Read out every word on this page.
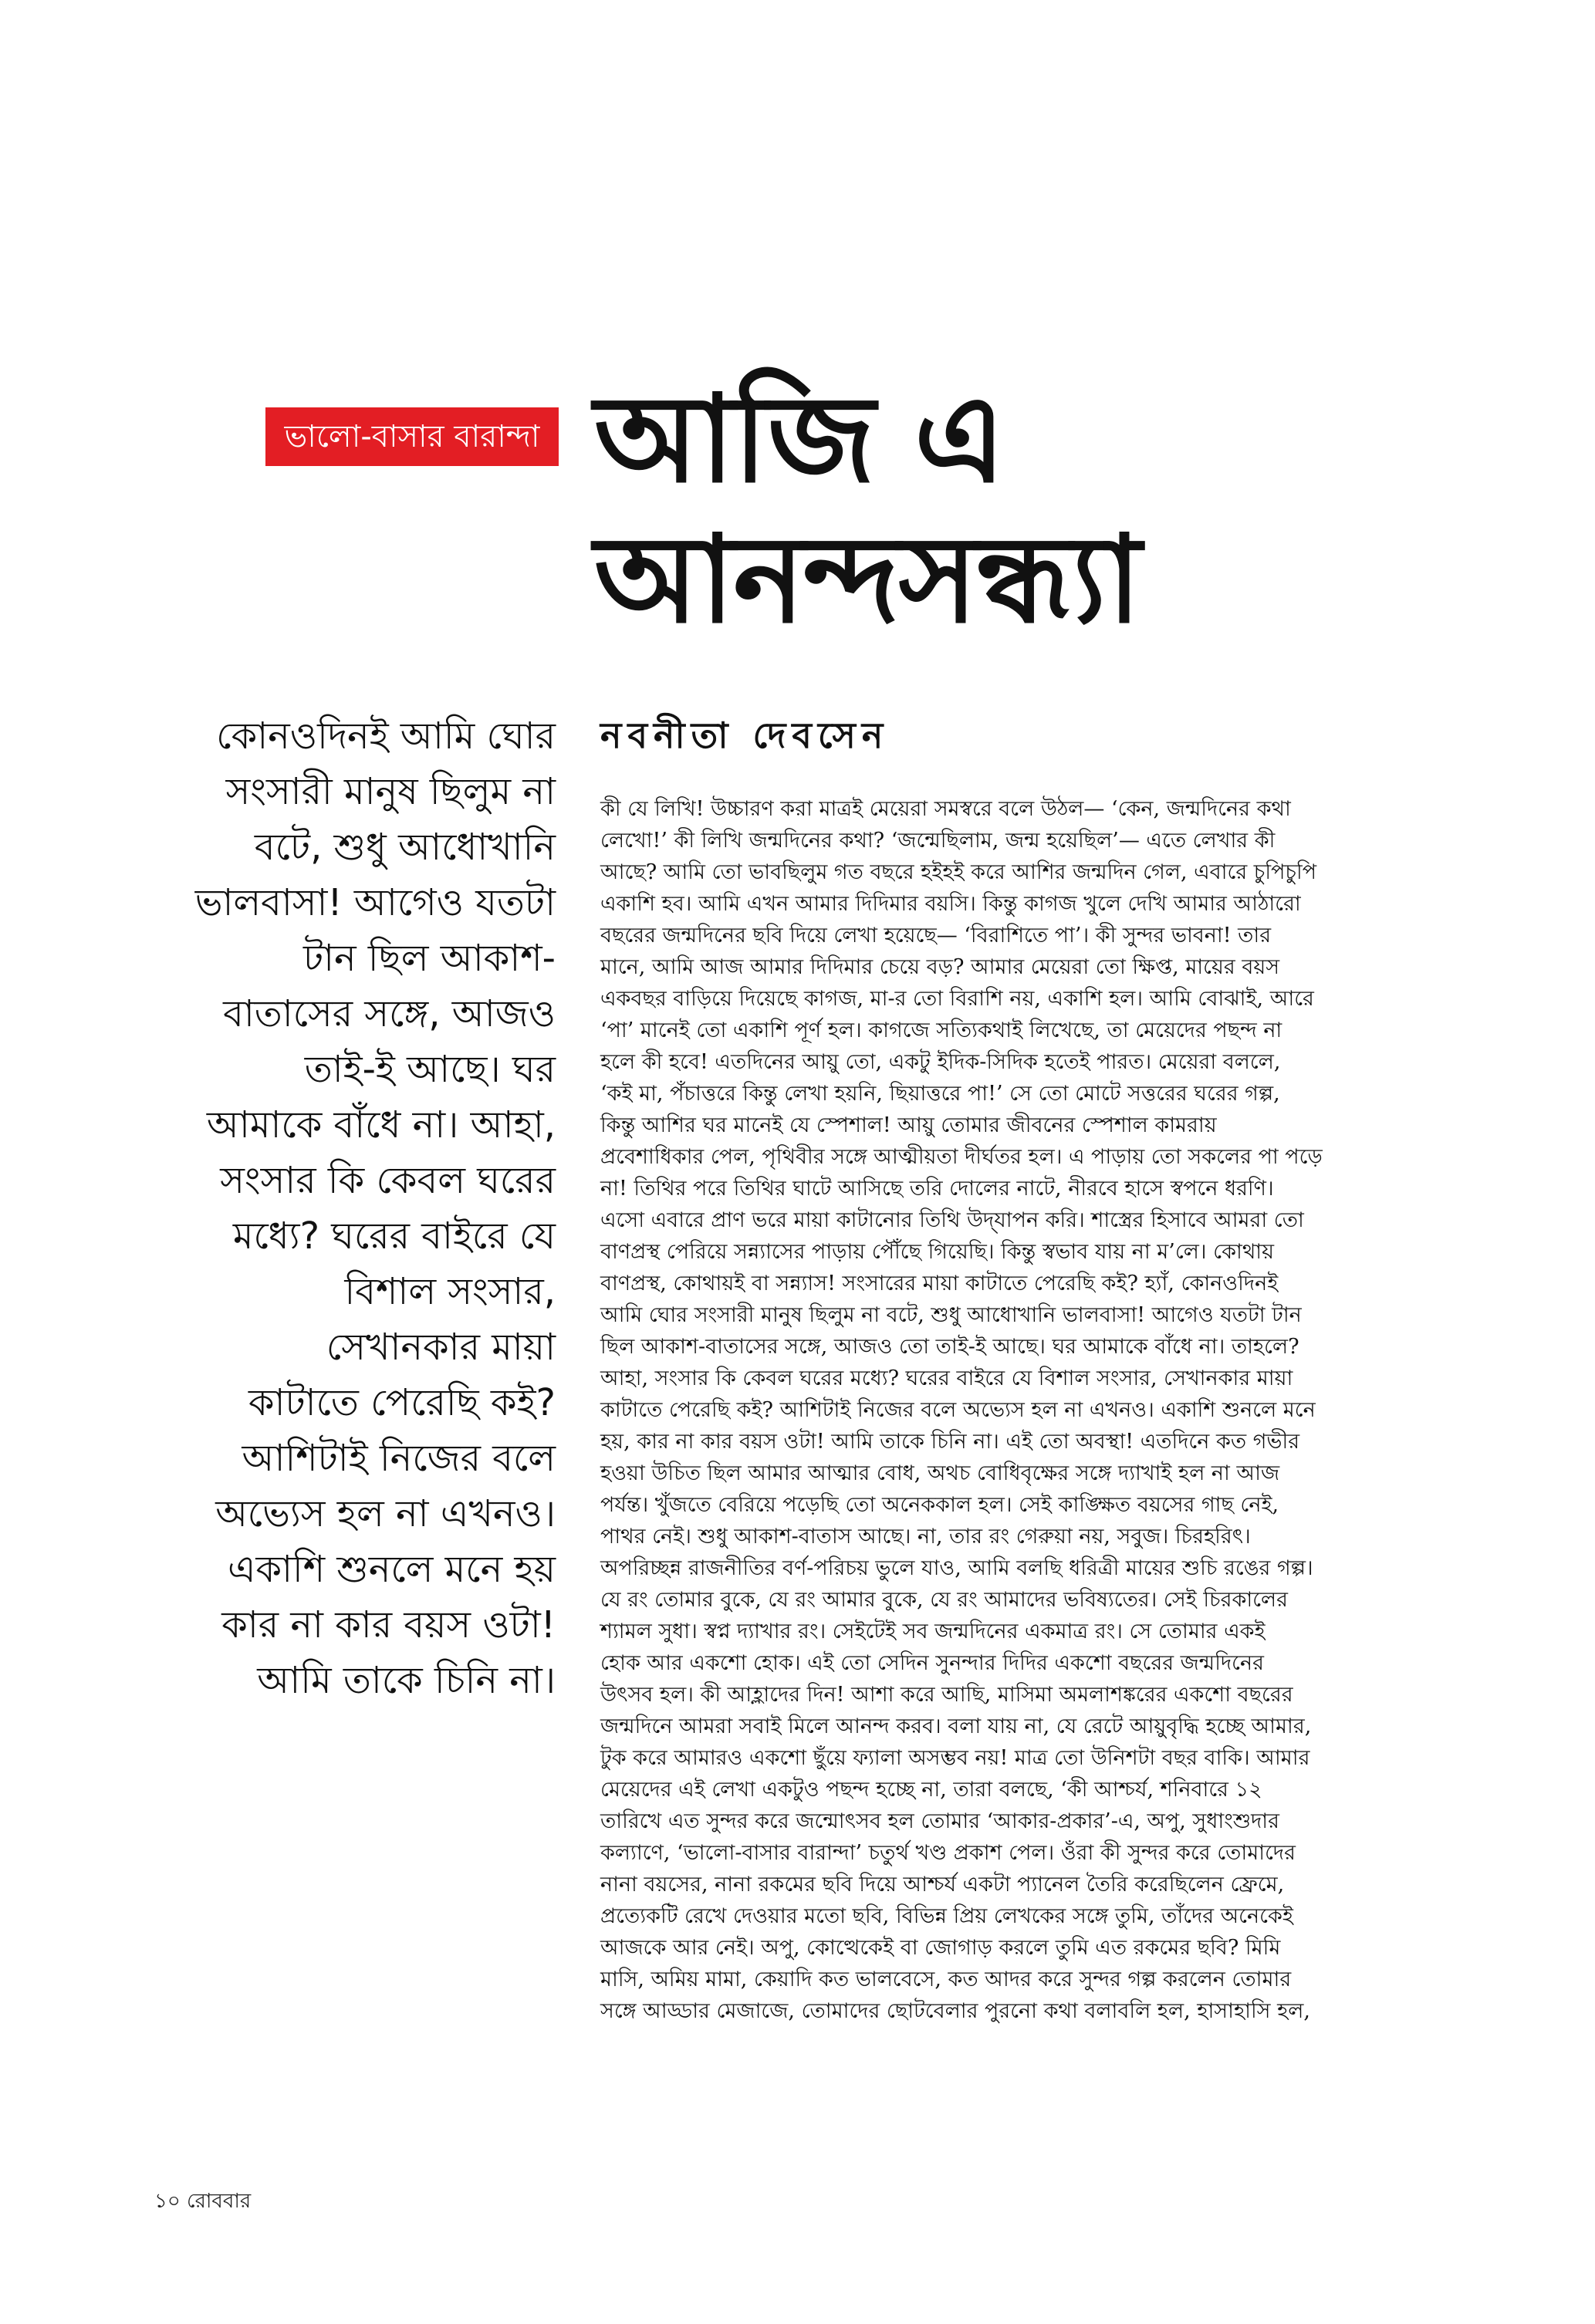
ভালো-বাসার বারান্দা আজি এ
আনন্দসন্ধ্যা
কোনওদিনই আমি ঘোর
সংসারী মানুষ ছিলুম না
বটে, শুধু আধোখানি
ভালবাসা! আগেও যতটা
টান ছিল আকাশ-
বাতাসের সঙ্গে, আজও
তাই-ই আছে। ঘর
আমাকে বাঁধে না। আহা,
সংসার কি কেবল ঘরের
মধ্যে? ঘরের বাইরে যে
বিশাল সংসার,
সেখানকার মায়া
কাটাতে পেরেছি কই?
আশিটাই নিজের বলে
অভ্যেস হল না এখনও।
একাশি শুনলে মনে হয়
কার না কার বয়স ওটা!
আমি তাকে চিনি না।
নবনীতা দেবসেন
কী যে লিখি! উচ্চারণ করা মাত্রই মেয়েরা সমস্বরে বলে উঠল— ‘কেন, জন্মদিনের কথা
লেখো!’ কী লিখি জন্মদিনের কথা? ‘জন্মেছিলাম, জন্ম হয়েছিল’— এতে লেখার কী
আছে? আমি তো ভাবছিলুম গত বছরে হইহই করে আশির জন্মদিন গেল, এবারে চুপিচুপি
একাশি হব। আমি এখন আমার দিদিমার বয়সি। কিন্তু কাগজ খুলে দেখি আমার আঠারো
বছরের জন্মদিনের ছবি দিয়ে লেখা হয়েছে— ‘বিরাশিতে পা’। কী সুন্দর ভাবনা! তার
মানে, আমি আজ আমার দিদিমার চেয়ে বড়? আমার মেয়েরা তো ক্ষিপ্ত, মায়ের বয়স
একবছর বাড়িয়ে দিয়েছে কাগজ, মা-র তো বিরাশি নয়, একাশি হল। আমি বোঝাই, আরে
‘পা’ মানেই তো একাশি পূর্ণ হল। কাগজে সত্যিকথাই লিখেছে, তা মেয়েদের পছন্দ না
হলে কী হবে! এতদিনের আয়ু তো, একটু ইদিক-সিদিক হতেই পারত। মেয়েরা বললে,
‘কই মা, পঁচাত্তরে কিন্তু লেখা হয়নি, ছিয়াত্তরে পা!’ সে তো মোটে সত্তরের ঘরের গল্প,
কিন্তু আশির ঘর মানেই যে স্পেশাল! আয়ু তোমার জীবনের স্পেশাল কামরায়
প্রবেশাধিকার পেল, পৃথিবীর সঙ্গে আত্মীয়তা দীর্ঘতর হল। এ পাড়ায় তো সকলের পা পড়ে
না! তিথির পরে তিথির ঘাটে আসিছে তরি দোলের নাটে, নীরবে হাসে স্বপনে ধরণি।
এসো এবারে প্রাণ ভরে মায়া কাটানোর তিথি উদ্‌যাপন করি। শাস্ত্রের হিসাবে আমরা তো
বাণপ্রস্থ পেরিয়ে সন্ন্যাসের পাড়ায় পৌঁছে গিয়েছি। কিন্তু স্বভাব যায় না ম’লে। কোথায়
বাণপ্রস্থ, কোথায়ই বা সন্ন্যাস! সংসারের মায়া কাটাতে পেরেছি কই? হ্যাঁ, কোনওদিনই
আমি ঘোর সংসারী মানুষ ছিলুম না বটে, শুধু আধোখানি ভালবাসা! আগেও যতটা টান
ছিল আকাশ-বাতাসের সঙ্গে, আজও তো তাই-ই আছে। ঘর আমাকে বাঁধে না। তাহলে?
আহা, সংসার কি কেবল ঘরের মধ্যে? ঘরের বাইরে যে বিশাল সংসার, সেখানকার মায়া
কাটাতে পেরেছি কই? আশিটাই নিজের বলে অভ্যেস হল না এখনও। একাশি শুনলে মনে
হয়, কার না কার বয়স ওটা! আমি তাকে চিনি না। এই তো অবস্থা! এতদিনে কত গভীর
হওয়া উচিত ছিল আমার আত্মার বোধ, অথচ বোধিবৃক্ষের সঙ্গে দ্যাখাই হল না আজ
পর্যন্ত। খুঁজতে বেরিয়ে পড়েছি তো অনেককাল হল। সেই কাঙ্ক্ষিত বয়সের গাছ নেই,
পাথর নেই। শুধু আকাশ-বাতাস আছে। না, তার রং গেরুয়া নয়, সবুজ। চিরহরিৎ।
অপরিচ্ছন্ন রাজনীতির বর্ণ-পরিচয় ভুলে যাও, আমি বলছি ধরিত্রী মায়ের শুচি রঙের গল্প।
যে রং তোমার বুকে, যে রং আমার বুকে, যে রং আমাদের ভবিষ্যতের। সেই চিরকালের
শ্যামল সুধা। স্বপ্ন দ্যাখার রং। সেইটেই সব জন্মদিনের একমাত্র রং। সে তোমার একই
হোক আর একশো হোক। এই তো সেদিন সুনন্দার দিদির একশো বছরের জন্মদিনের
উৎসব হল। কী আহ্লাদের দিন! আশা করে আছি, মাসিমা অমলাশঙ্করের একশো বছরের
জন্মদিনে আমরা সবাই মিলে আনন্দ করব। বলা যায় না, যে রেটে আয়ুবৃদ্ধি হচ্ছে আমার,
টুক করে আমারও একশো ছুঁয়ে ফ্যালা অসম্ভব নয়! মাত্র তো উনিশটা বছর বাকি। আমার
মেয়েদের এই লেখা একটুও পছন্দ হচ্ছে না, তারা বলছে, ‘কী আশ্চর্য, শনিবারে ১২
তারিখে এত সুন্দর করে জন্মোৎসব হল তোমার ‘আকার-প্রকার’-এ, অপু, সুধাংশুদার
কল্যাণে, ‘ভালো-বাসার বারান্দা’ চতুর্থ খণ্ড প্রকাশ পেল। ওঁরা কী সুন্দর করে তোমাদের
নানা বয়সের, নানা রকমের ছবি দিয়ে আশ্চর্য একটা প্যানেল তৈরি করেছিলেন ফ্রেমে,
প্রত্যেকটি রেখে দেওয়ার মতো ছবি, বিভিন্ন প্রিয় লেখকের সঙ্গে তুমি, তাঁদের অনেকেই
আজকে আর নেই। অপু, কোত্থেকেই বা জোগাড় করলে তুমি এত রকমের ছবি? মিমি
মাসি, অমিয় মামা, কেয়াদি কত ভালবেসে, কত আদর করে সুন্দর গল্প করলেন তোমার
সঙ্গে আড্ডার মেজাজে, তোমাদের ছোটবেলার পুরনো কথা বলাবলি হল, হাসাহাসি হল,
১০ রোববার
